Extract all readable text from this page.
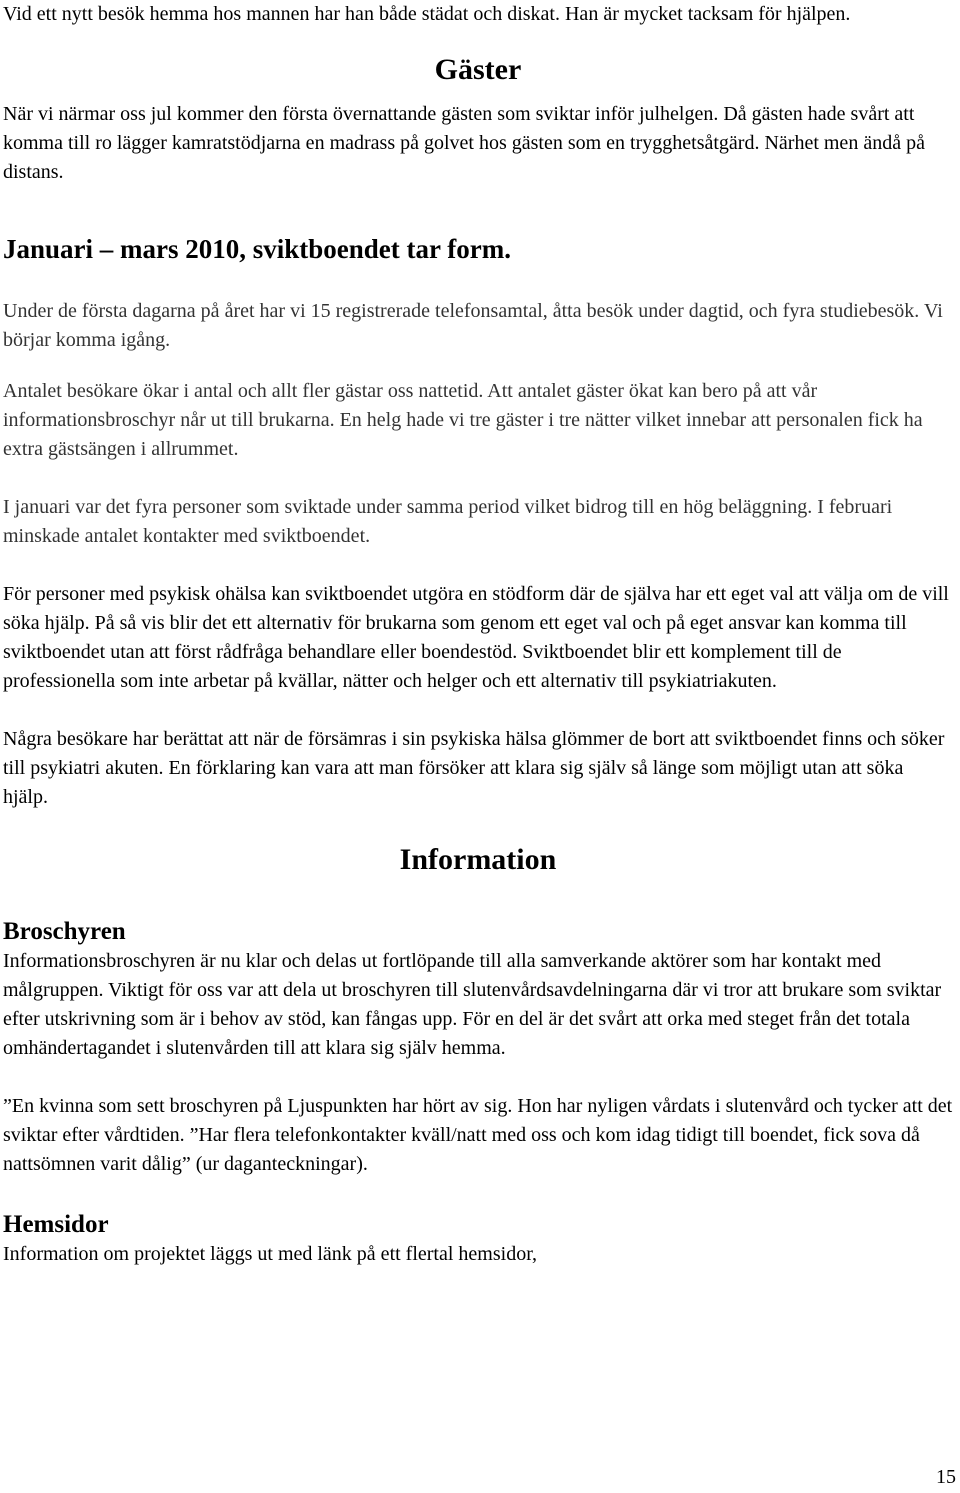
Vid ett nytt besök hemma hos mannen har han både städat och diskat. Han är mycket tacksam för hjälpen.

Gäster

När vi närmar oss jul kommer den första övernattande gästen som sviktar inför julhelgen. Då gästen hade svårt att komma till ro lägger kamratstödjarna en madrass på golvet hos gästen som en trygghetsåtgärd. Närhet men ändå på distans.

Januari – mars 2010, sviktboendet tar form.

Under de första dagarna på året har vi 15 registrerade telefonsamtal, åtta besök under dagtid, och fyra studiebesök. Vi börjar komma igång.

Antalet besökare ökar i antal och allt fler gästar oss nattetid. Att antalet gäster ökat kan bero på att vår informationsbroschyr når ut till brukarna. En helg hade vi tre gäster i tre nätter vilket innebar att personalen fick ha extra gästsängen i allrummet.

I januari var det fyra personer som sviktade under samma period vilket bidrog till en hög beläggning. I februari minskade antalet kontakter med sviktboendet.

För personer med psykisk ohälsa kan sviktboendet utgöra en stödform där de själva har ett eget val att välja om de vill söka hjälp. På så vis blir det ett alternativ för brukarna som genom ett eget val och på eget ansvar kan komma till sviktboendet utan att först rådfråga behandlare eller boendestöd. Sviktboendet blir ett komplement till de professionella som inte arbetar på kvällar, nätter och helger och ett alternativ till psykiatriakuten.

Några besökare har berättat att när de försämras i sin psykiska hälsa glömmer de bort att sviktboendet finns och söker till psykiatri akuten. En förklaring kan vara att man försöker att klara sig själv så länge som möjligt utan att söka hjälp.

Information
Broschyren

Informationsbroschyren är nu klar och delas ut fortlöpande till alla samverkande aktörer som har kontakt med målgruppen. Viktigt för oss var att dela ut broschyren till slutenvårdsavdelningarna där vi tror att brukare som sviktar efter utskrivning som är i behov av stöd, kan fångas upp. För en del är det svårt att orka med steget från det totala omhändertagandet i slutenvården till att klara sig själv hemma.

”En kvinna som sett broschyren på Ljuspunkten har hört av sig. Hon har nyligen vårdats i slutenvård och tycker att det sviktar efter vårdtiden. ”Har flera telefonkontakter kväll/natt med oss och kom idag tidigt till boendet, fick sova då nattsömnen varit dålig” (ur daganteckningar).

Hemsidor

Information om projektet läggs ut med länk på ett flertal hemsidor,

15
